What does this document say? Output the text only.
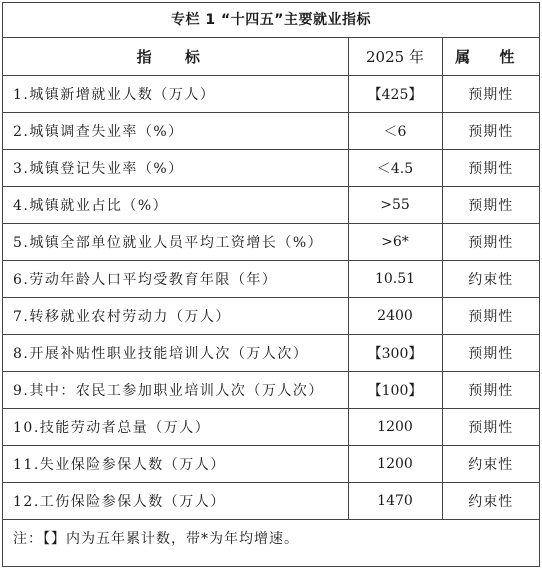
专栏 1 “十四五”主要就业指标
指 标	2025 年	属 性
1.城镇新增就业人数（万人）	【425】	预期性
2.城镇调查失业率（%）	＜6	预期性
3.城镇登记失业率（%）	＜4.5	预期性
4.城镇就业占比（%）	>55	预期性
5.城镇全部单位就业人员平均工资增长（%）	>6*	预期性
6.劳动年龄人口平均受教育年限（年）	10.51	约束性
7.转移就业农村劳动力（万人）	2400	预期性
8.开展补贴性职业技能培训人次（万人次）	【300】	预期性
9.其中：农民工参加职业培训人次（万人次）	【100】	预期性
10.技能劳动者总量（万人）	1200	预期性
11.失业保险参保人数（万人）	1200	约束性
12.工伤保险参保人数（万人）	1470	约束性
注：【】内为五年累计数，带*为年均增速。
